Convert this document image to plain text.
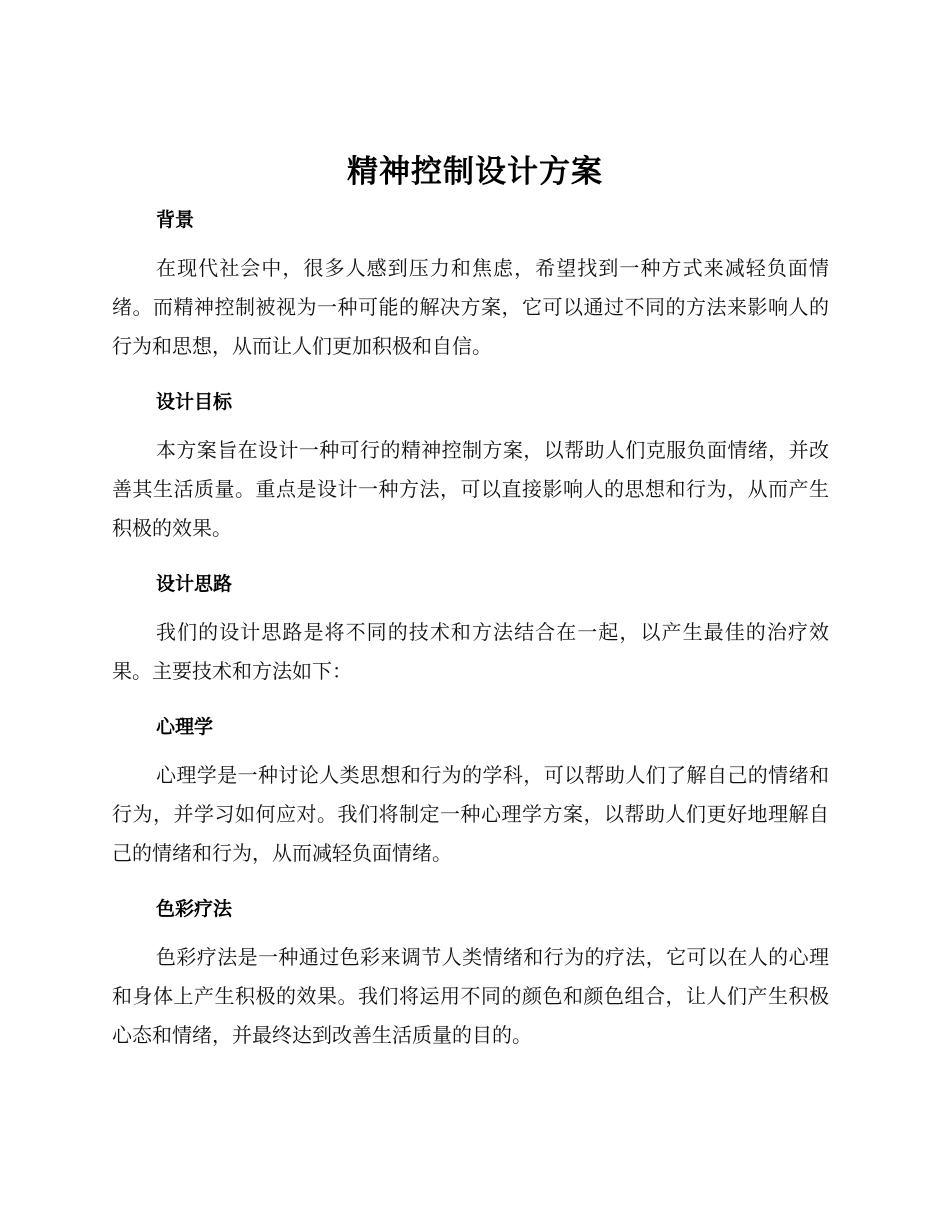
精神控制设计方案

背景

在现代社会中，很多人感到压力和焦虑，希望找到一种方式来减轻负面情绪。而精神控制被视为一种可能的解决方案，它可以通过不同的方法来影响人的行为和思想，从而让人们更加积极和自信。

设计目标

本方案旨在设计一种可行的精神控制方案，以帮助人们克服负面情绪，并改善其生活质量。重点是设计一种方法，可以直接影响人的思想和行为，从而产生积极的效果。

设计思路

我们的设计思路是将不同的技术和方法结合在一起，以产生最佳的治疗效果。主要技术和方法如下：

心理学

心理学是一种讨论人类思想和行为的学科，可以帮助人们了解自己的情绪和行为，并学习如何应对。我们将制定一种心理学方案，以帮助人们更好地理解自己的情绪和行为，从而减轻负面情绪。

色彩疗法

色彩疗法是一种通过色彩来调节人类情绪和行为的疗法，它可以在人的心理和身体上产生积极的效果。我们将运用不同的颜色和颜色组合，让人们产生积极心态和情绪，并最终达到改善生活质量的目的。
